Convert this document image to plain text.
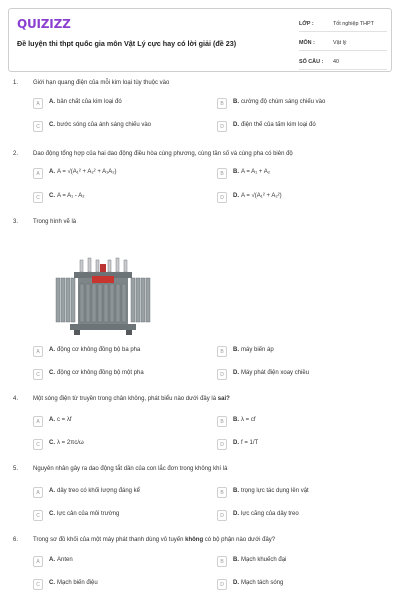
QUIZIZZ
Đề luyện thi thpt quốc gia môn Vật Lý cực hay có lời giải (đề 23)
LỚP :	Tốt nghiệp THPT
MÔN :	Vật lý
SỐ CÂU :	40
1. Giới hạn quang điện của mỗi kim loại tùy thuộc vào
A	A. bản chất của kim loại đó	B	B. cường độ chùm sáng chiếu vào
C	C. bước sóng của ánh sáng chiếu vào	D	D. điện thế của tấm kim loại đó
2. Dao động tổng hợp của hai dao động điều hòa cùng phương, cùng tần số và cùng pha có biên độ
A	A. A = √(A₁² + A₂² + A₁A₂)	B	B. A = A₁ + A₂
C	C. A = A₁ - A₂	D	D. A = √(A₁² + A₂²)
3. Trong hình vẽ là
A	A. động cơ không đồng bộ ba pha	B	B. máy biến áp
C	C. động cơ không đồng bộ một pha	D	D. Máy phát điện xoay chiều
4. Một sóng điện từ truyền trong chân không, phát biểu nào dưới đây là sai?
A	A. c = λf	B	B. λ = cf
C	C. λ = 2πc/ω	D	D. f = 1/T
5. Nguyên nhân gây ra dao động tắt dần của con lắc đơn trong không khí là
A	A. dây treo có khối lượng đáng kể	B	B. trọng lực tác dụng lên vật
C	C. lực cản của môi trường	D	D. lực căng của dây treo
6. Trong sơ đồ khối của một máy phát thanh dùng vô tuyến không có bộ phận nào dưới đây?
A	A. Anten	B	B. Mạch khuếch đại
C	C. Mạch biến điệu	D	D. Mạch tách sóng
